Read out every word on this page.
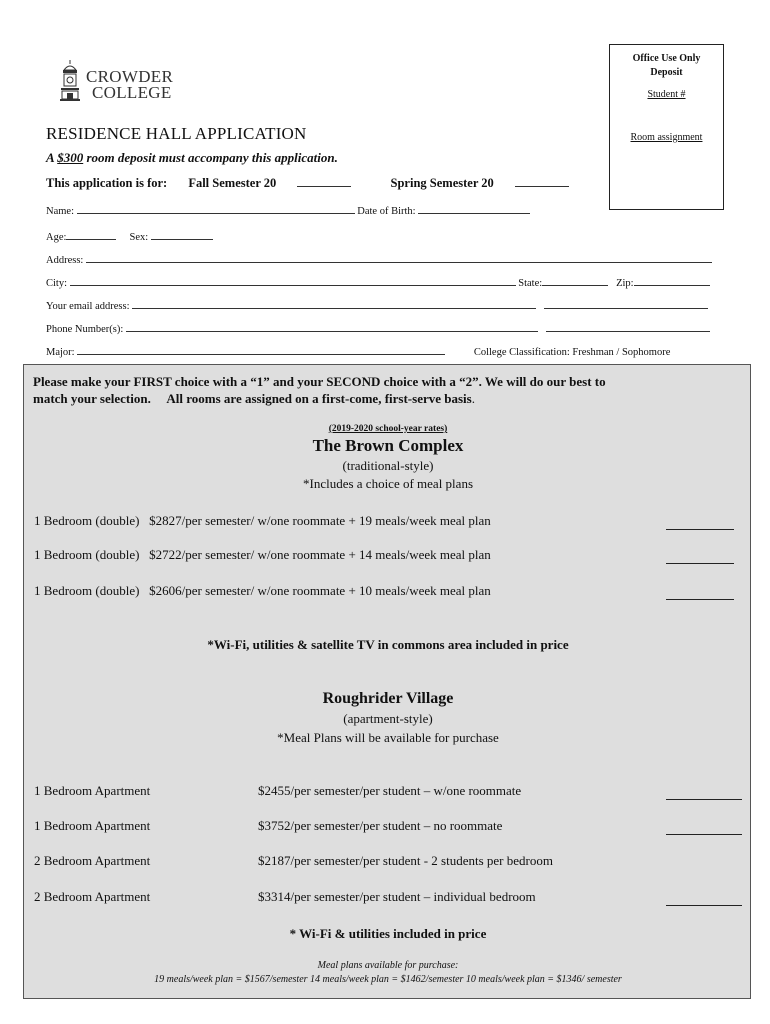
CROWDER
COLLEGE
Office Use Only
Deposit
Student #
Room assignment
RESIDENCE HALL APPLICATION
A $300 room deposit must accompany this application.
This application is for: Fall Semester 20	Spring Semester 20
Name:	Date of Birth:
Age:	Sex:
Address:
City:	State:	Zip:
Your email address:
Phone Number(s):
Major:	College Classification: Freshman / Sophomore
Please make your FIRST choice with a “1” and your SECOND choice with a “2”. We will do our best to
match your selection. All rooms are assigned on a first-come, first-serve basis.
(2019-2020 school-year rates)
The Brown Complex
(traditional-style)
*Includes a choice of meal plans
1 Bedroom (double) $2827/per semester/ w/one roommate + 19 meals/week meal plan
1 Bedroom (double) $2722/per semester/ w/one roommate + 14 meals/week meal plan
1 Bedroom (double) $2606/per semester/ w/one roommate + 10 meals/week meal plan
*Wi-Fi, utilities & satellite TV in commons area included in price
Roughrider Village
(apartment-style)
*Meal Plans will be available for purchase
1 Bedroom Apartment	$2455/per semester/per student – w/one roommate
1 Bedroom Apartment	$3752/per semester/per student – no roommate
2 Bedroom Apartment	$2187/per semester/per student - 2 students per bedroom
2 Bedroom Apartment	$3314/per semester/per student – individual bedroom
* Wi-Fi & utilities included in price
Meal plans available for purchase:
19 meals/week plan = $1567/semester 14 meals/week plan = $1462/semester 10 meals/week plan = $1346/ semester
